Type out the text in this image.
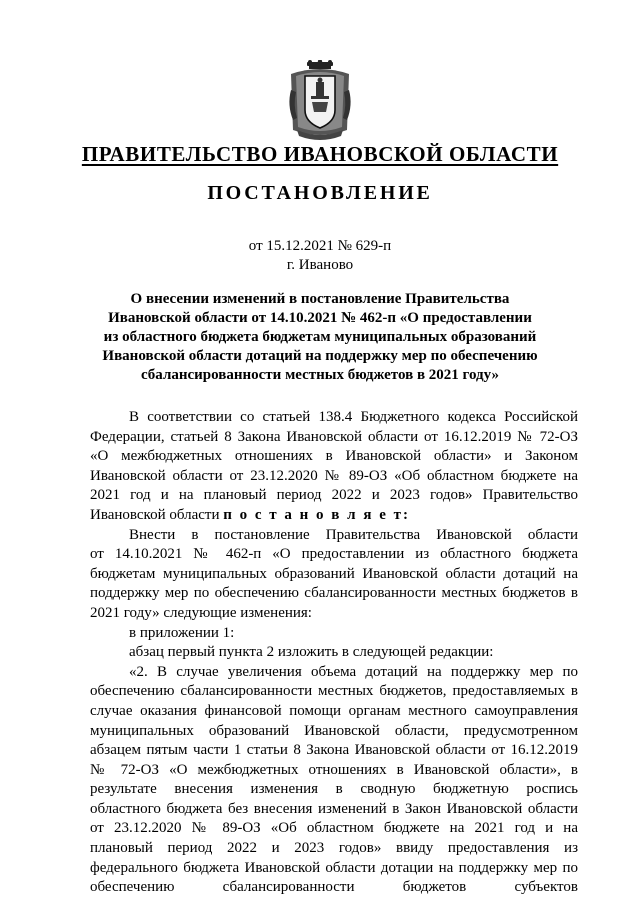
ПРАВИТЕЛЬСТВО ИВАНОВСКОЙ ОБЛАСТИ
ПОСТАНОВЛЕНИЕ
от 15.12.2021 № 629-п
г. Иваново
О внесении изменений в постановление Правительства
Ивановской области от 14.10.2021 № 462-п «О предоставлении
из областного бюджета бюджетам муниципальных образований
Ивановской области дотаций на поддержку мер по обеспечению
сбалансированности местных бюджетов в 2021 году»
В соответствии со статьей 138.4 Бюджетного кодекса Российской
Федерации, статьей 8 Закона Ивановской области от 16.12.2019 № 72-ОЗ
«О межбюджетных отношениях в Ивановской области» и Законом
Ивановской области от 23.12.2020 № 89-ОЗ «Об областном бюджете на
2021 год и на плановый период 2022 и 2023 годов» Правительство
Ивановской области п о с т а н о в л я е т:
Внести в постановление Правительства Ивановской области
от 14.10.2021 № 462-п «О предоставлении из областного бюджета
бюджетам муниципальных образований Ивановской области дотаций на
поддержку мер по обеспечению сбалансированности местных бюджетов в
2021 году» следующие изменения:
в приложении 1:
абзац первый пункта 2 изложить в следующей редакции:
«2. В случае увеличения объема дотаций на поддержку мер по
обеспечению сбалансированности местных бюджетов, предоставляемых в
случае оказания финансовой помощи органам местного самоуправления
муниципальных образований Ивановской области, предусмотренном
абзацем пятым части 1 статьи 8 Закона Ивановской области от 16.12.2019
№ 72-ОЗ «О межбюджетных отношениях в Ивановской области», в
результате внесения изменения в сводную бюджетную роспись
областного бюджета без внесения изменений в Закон Ивановской области
от 23.12.2020 № 89-ОЗ «Об областном бюджете на 2021 год и на
плановый период 2022 и 2023 годов» ввиду предоставления из
федерального бюджета Ивановской области дотации на поддержку мер по
обеспечению сбалансированности бюджетов субъектов
